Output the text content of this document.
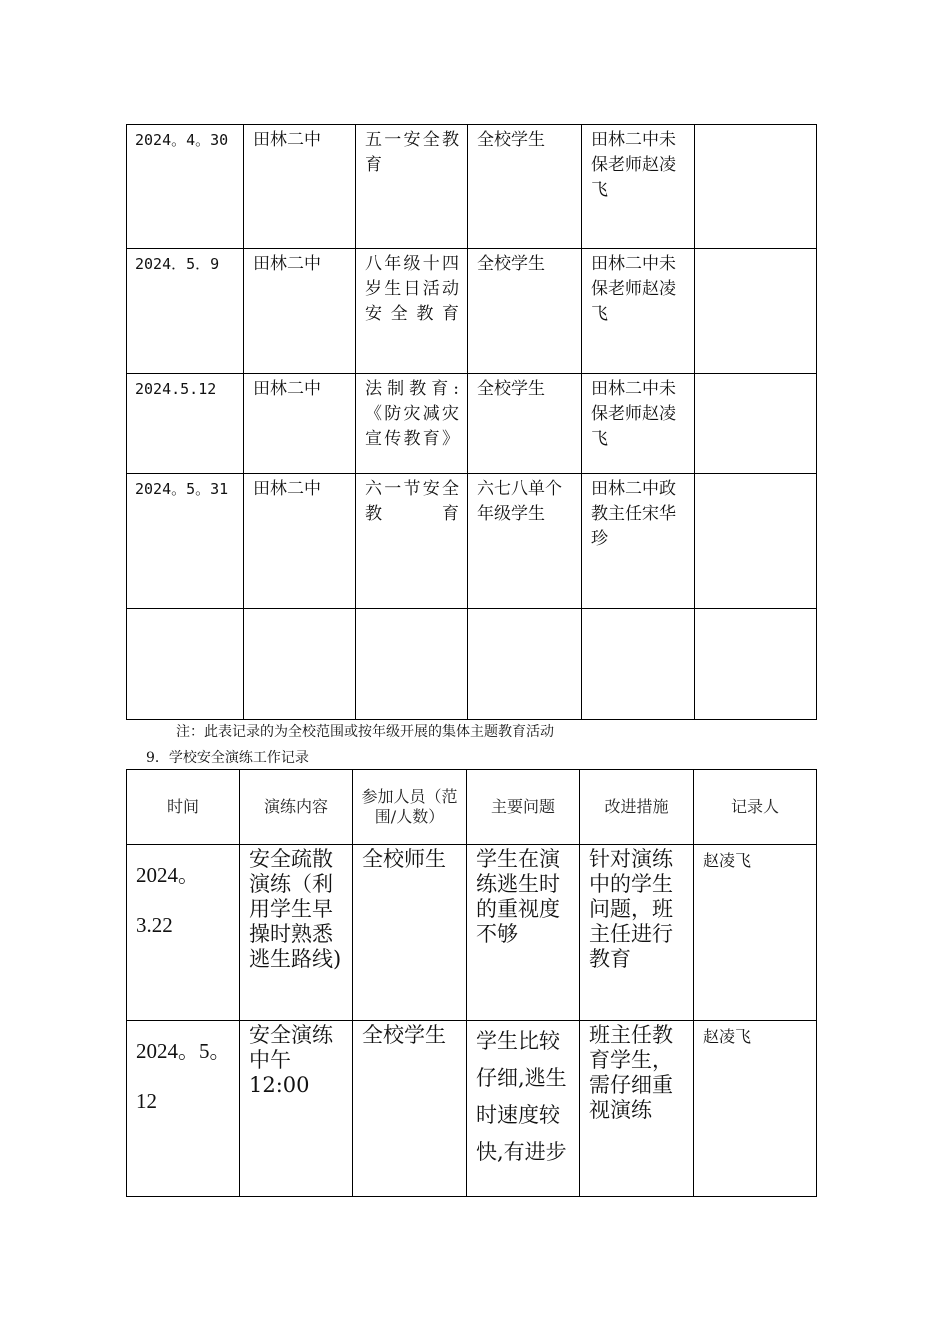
2024。4。30	田林二中	五一安全教育	全校学生	田林二中未保老师赵凌飞	
2024．5．9	田林二中	八年级十四岁生日活动安全教育	全校学生	田林二中未保老师赵凌飞	
2024.5.12	田林二中	法制教育:《防灾减灾宣传教育》	全校学生	田林二中未保老师赵凌飞	
2024。5。31	田林二中	六一节安全教育	六七八单个年级学生	田林二中政教主任宋华珍	

注：此表记录的为全校范围或按年级开展的集体主题教育活动
9．学校安全演练工作记录
时间	演练内容	参加人员（范围/人数）	主要问题	改进措施	记录人
2024。3.22	安全疏散演练（利用学生早操时熟悉逃生路线)	全校师生	学生在演练逃生时的重视度不够	针对演练中的学生问题，班主任进行教育	赵凌飞
2024。5。12	安全演练中午12:00	全校学生	学生比较仔细,逃生时速度较快,有进步	班主任教育学生，需仔细重视演练	赵凌飞
